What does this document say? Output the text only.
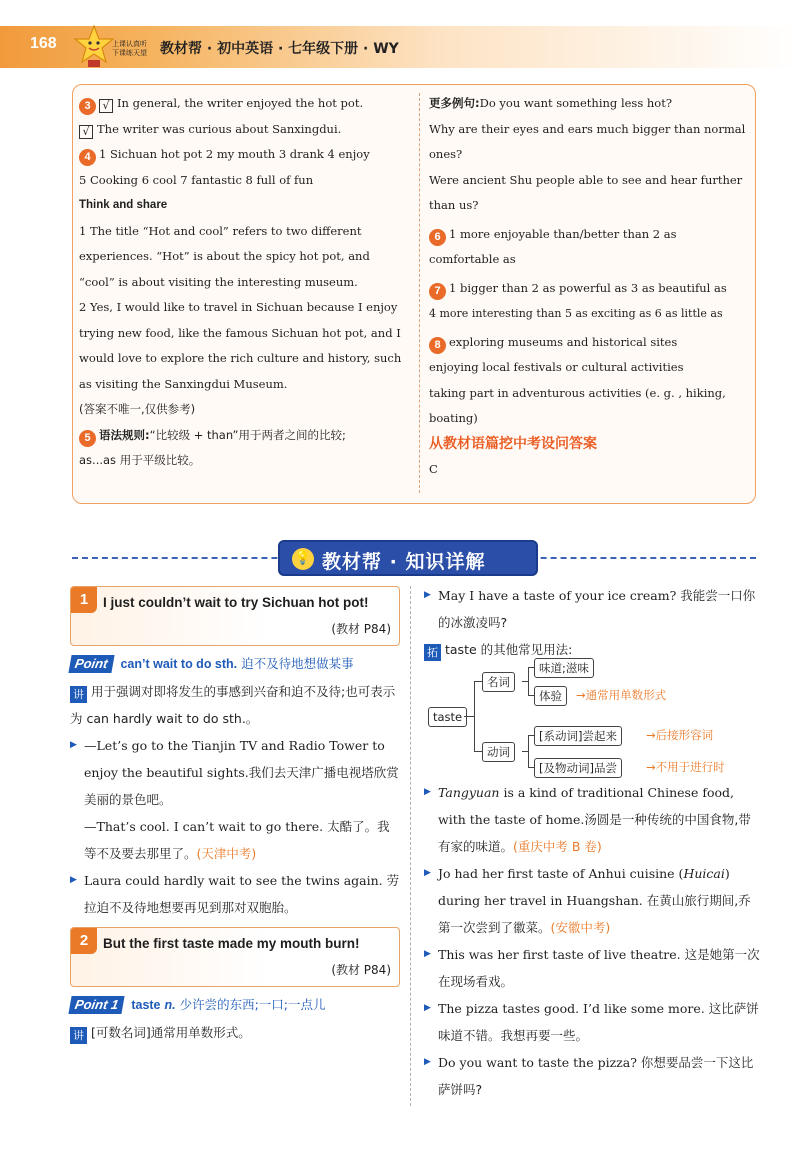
168	上课认真听
下课练天望 教材帮 · 初中英语 · 七年级下册 · WY

3 √ In general, the writer enjoyed the hot pot.

√ The writer was curious about Sanxingdui.

4 1 Sichuan hot pot 2 my mouth 3 drank 4 enjoy

5 Cooking 6 cool 7 fantastic 8 full of fun

Think and share

1 The title “Hot and cool” refers to two different

experiences. “Hot” is about the spicy hot pot, and

“cool” is about visiting the interesting museum.

2 Yes, I would like to travel in Sichuan because I enjoy

trying new food, like the famous Sichuan hot pot, and I

would love to explore the rich culture and history, such

as visiting the Sanxingdui Museum.

(答案不唯一,仅供参考)

5 语法规则:“比较级 + than”用于两者之间的比较;

as...as 用于平级比较。

更多例句:Do you want something less hot?

Why are their eyes and ears much bigger than normal

ones?

Were ancient Shu people able to see and hear further

than us?

6 1 more enjoyable than/better than 2 as

comfortable as

7 1 bigger than 2 as powerful as 3 as beautiful as

4 more interesting than 5 as exciting as 6 as little as

8 exploring museums and historical sites

enjoying local festivals or cultural activities

taking part in adventurous activities (e. g. , hiking,

boating)

从教材语篇挖中考设问答案

C

💡 教材帮 · 知识详解
1	I just couldn’t wait to try Sichuan hot pot!
(教材 P84)
Point can’t wait to do sth. 迫不及待地想做某事
讲 用于强调对即将发生的事感到兴奋和迫不及待;也可表示为 can hardly wait to do sth.。
▶ —Let’s go to the Tianjin TV and Radio Tower to enjoy the beautiful sights.我们去天津广播电视塔欣赏美丽的景色吧。
—That’s cool. I can’t wait to go there. 太酷了。我等不及要去那里了。(天津中考)
▶ Laura could hardly wait to see the twins again. 劳拉迫不及待地想要再见到那对双胞胎。
2	But the first taste made my mouth burn!
(教材 P84)
Point 1 taste n. 少许尝的东西;一口;一点儿
讲 [可数名词]通常用单数形式。
▶ May I have a taste of your ice cream? 我能尝一口你的冰激凌吗?
拓 taste 的其他常见用法:
taste
名词
动词
味道;滋味
体验	→通常用单数形式
[系动词]尝起来	→后接形容词
[及物动词]品尝	→不用于进行时
▶ Tangyuan is a kind of traditional Chinese food, with the taste of home.汤圆是一种传统的中国食物,带有家的味道。(重庆中考 B 卷)
▶ Jo had her first taste of Anhui cuisine (Huicai) during her travel in Huangshan. 在黄山旅行期间,乔第一次尝到了徽菜。(安徽中考)
▶ This was her first taste of live theatre. 这是她第一次在现场看戏。
▶ The pizza tastes good. I’d like some more. 这比萨饼味道不错。我想再要一些。
▶ Do you want to taste the pizza? 你想要品尝一下这比萨饼吗?
